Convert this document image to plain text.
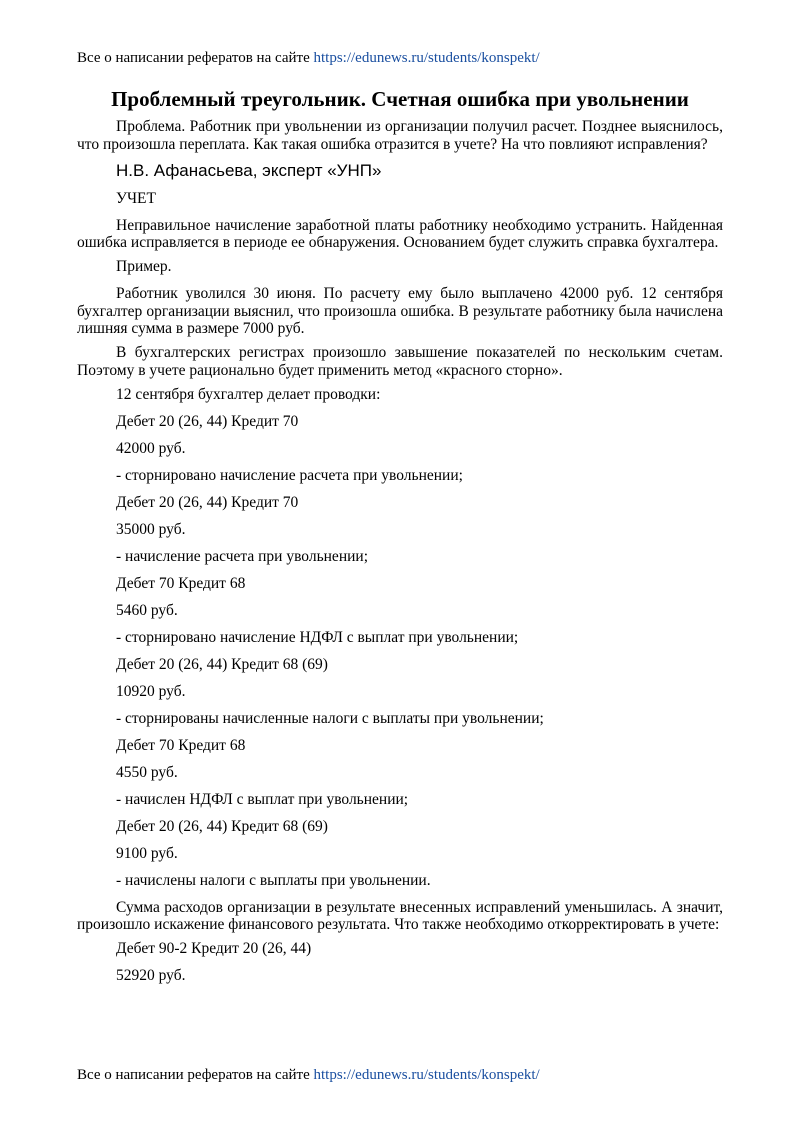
Все о написании рефератов на сайте https://edunews.ru/students/konspekt/
Проблемный треугольник. Счетная ошибка при увольнении

Проблема. Работник при увольнении из организации получил расчет. Позднее выяснилось, что произошла переплата. Как такая ошибка отразится в учете? На что повлияют исправления?

Н.В. Афанасьева, эксперт «УНП»

УЧЕТ

Неправильное начисление заработной платы работнику необходимо устранить. Найденная ошибка исправляется в периоде ее обнаружения. Основанием будет служить справка бухгалтера.

Пример.

Работник уволился 30 июня. По расчету ему было выплачено 42000 руб. 12 сентября бухгалтер организации выяснил, что произошла ошибка. В результате работнику была начислена лишняя сумма в размере 7000 руб.

В бухгалтерских регистрах произошло завышение показателей по нескольким счетам. Поэтому в учете рационально будет применить метод «красного сторно».

12 сентября бухгалтер делает проводки:

Дебет 20 (26, 44) Кредит 70

42000 руб.

- сторнировано начисление расчета при увольнении;

Дебет 20 (26, 44) Кредит 70

35000 руб.

- начисление расчета при увольнении;

Дебет 70 Кредит 68

5460 руб.

- сторнировано начисление НДФЛ с выплат при увольнении;

Дебет 20 (26, 44) Кредит 68 (69)

10920 руб.

- сторнированы начисленные налоги с выплаты при увольнении;

Дебет 70 Кредит 68

4550 руб.

- начислен НДФЛ с выплат при увольнении;

Дебет 20 (26, 44) Кредит 68 (69)

9100 руб.

- начислены налоги с выплаты при увольнении.

Сумма расходов организации в результате внесенных исправлений уменьшилась. А значит, произошло искажение финансового результата. Что также необходимо откорректировать в учете:

Дебет 90-2 Кредит 20 (26, 44)

52920 руб.

Все о написании рефератов на сайте https://edunews.ru/students/konspekt/
